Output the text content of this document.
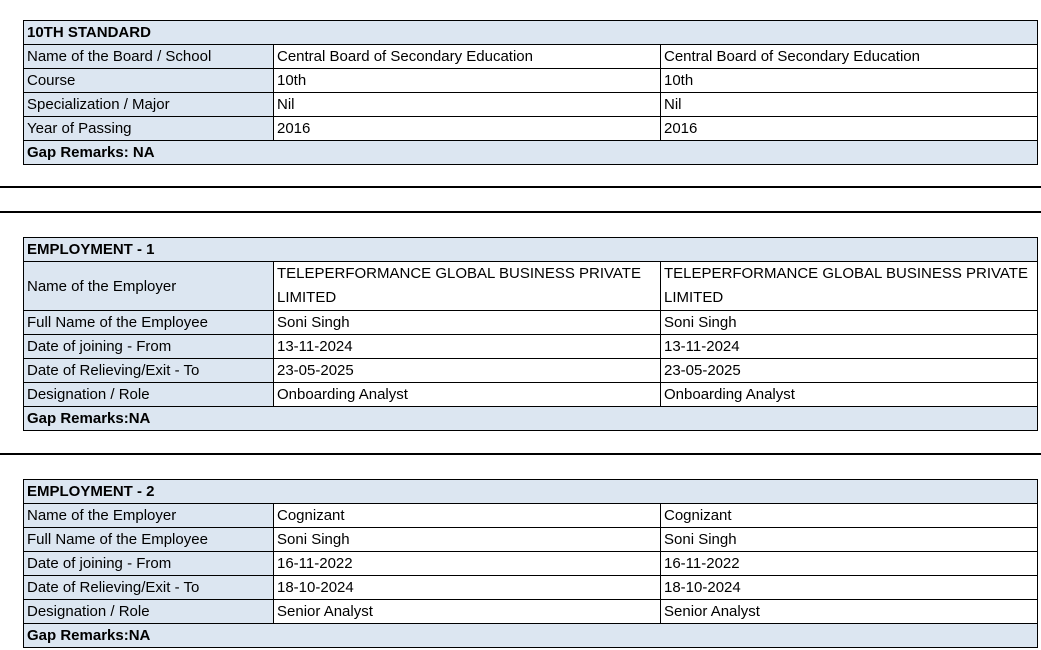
10TH STANDARD		
Name of the Board / School	Central Board of Secondary Education	Central Board of Secondary Education
Course	10th	10th
Specialization / Major	Nil	Nil
Year of Passing	2016	2016
Gap Remarks: NA		
EMPLOYMENT - 1		
Name of the Employer	TELEPERFORMANCE GLOBAL BUSINESS PRIVATE LIMITED	TELEPERFORMANCE GLOBAL BUSINESS PRIVATE LIMITED
Full Name of the Employee	Soni Singh	Soni Singh
Date of joining - From	13-11-2024	13-11-2024
Date of Relieving/Exit - To	23-05-2025	23-05-2025
Designation / Role	Onboarding Analyst	Onboarding Analyst
Gap Remarks:NA		
EMPLOYMENT - 2		
Name of the Employer	Cognizant	Cognizant
Full Name of the Employee	Soni Singh	Soni Singh
Date of joining - From	16-11-2022	16-11-2022
Date of Relieving/Exit - To	18-10-2024	18-10-2024
Designation / Role	Senior Analyst	Senior Analyst
Gap Remarks:NA		
